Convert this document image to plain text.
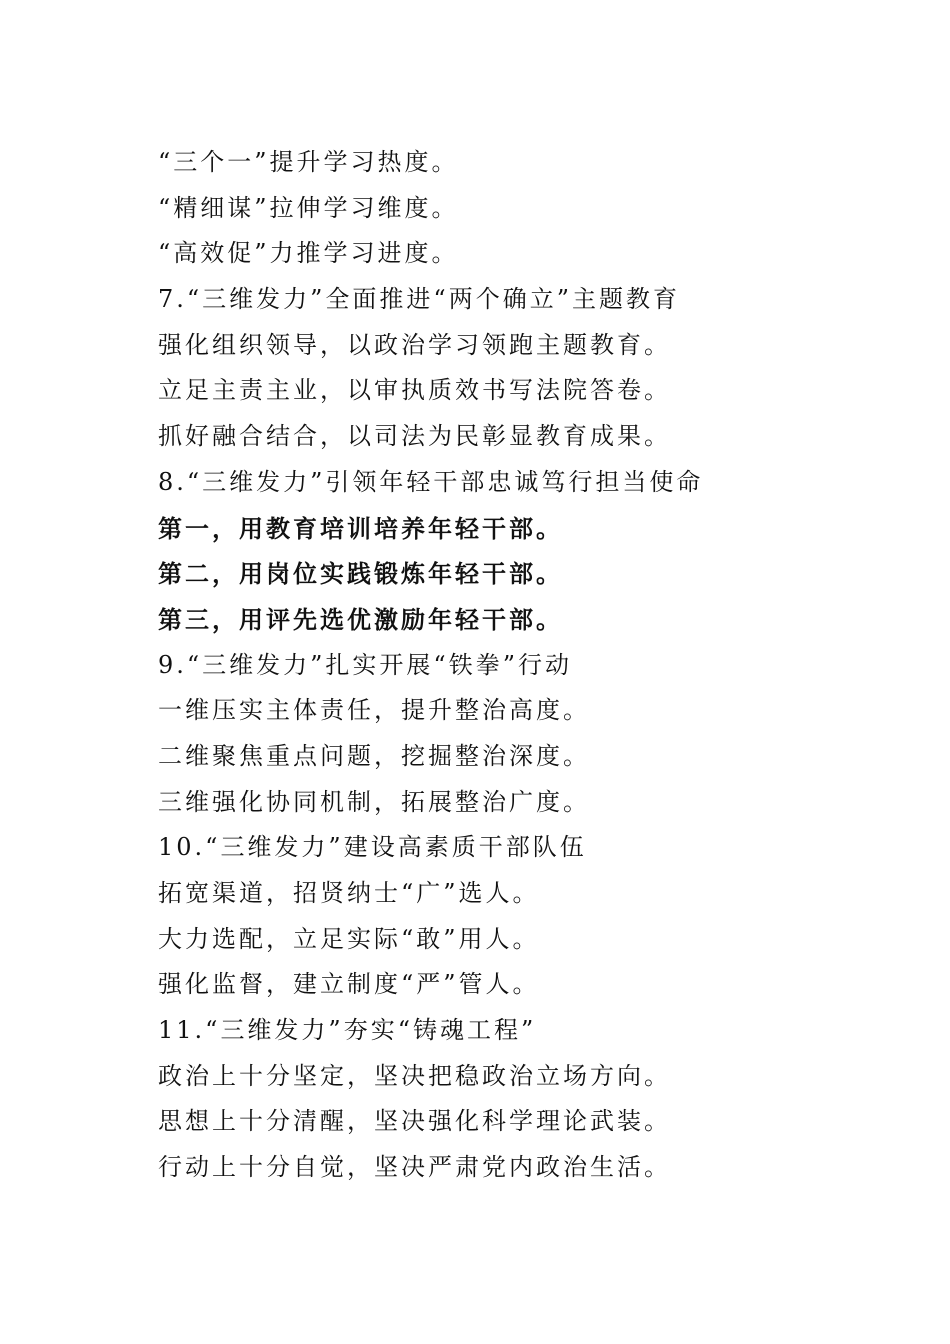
“三个一”提升学习热度。
“精细谋”拉伸学习维度。
“高效促”力推学习进度。
7.“三维发力”全面推进“两个确立”主题教育
强化组织领导，以政治学习领跑主题教育。
立足主责主业，以审执质效书写法院答卷。
抓好融合结合，以司法为民彰显教育成果。
8.“三维发力”引领年轻干部忠诚笃行担当使命
第一，用教育培训培养年轻干部。
第二，用岗位实践锻炼年轻干部。
第三，用评先选优激励年轻干部。
9.“三维发力”扎实开展“铁拳”行动
一维压实主体责任，提升整治高度。
二维聚焦重点问题，挖掘整治深度。
三维强化协同机制，拓展整治广度。
10.“三维发力”建设高素质干部队伍
拓宽渠道，招贤纳士“广”选人。
大力选配，立足实际“敢”用人。
强化监督，建立制度“严”管人。
11.“三维发力”夯实“铸魂工程”
政治上十分坚定，坚决把稳政治立场方向。
思想上十分清醒，坚决强化科学理论武装。
行动上十分自觉，坚决严肃党内政治生活。
